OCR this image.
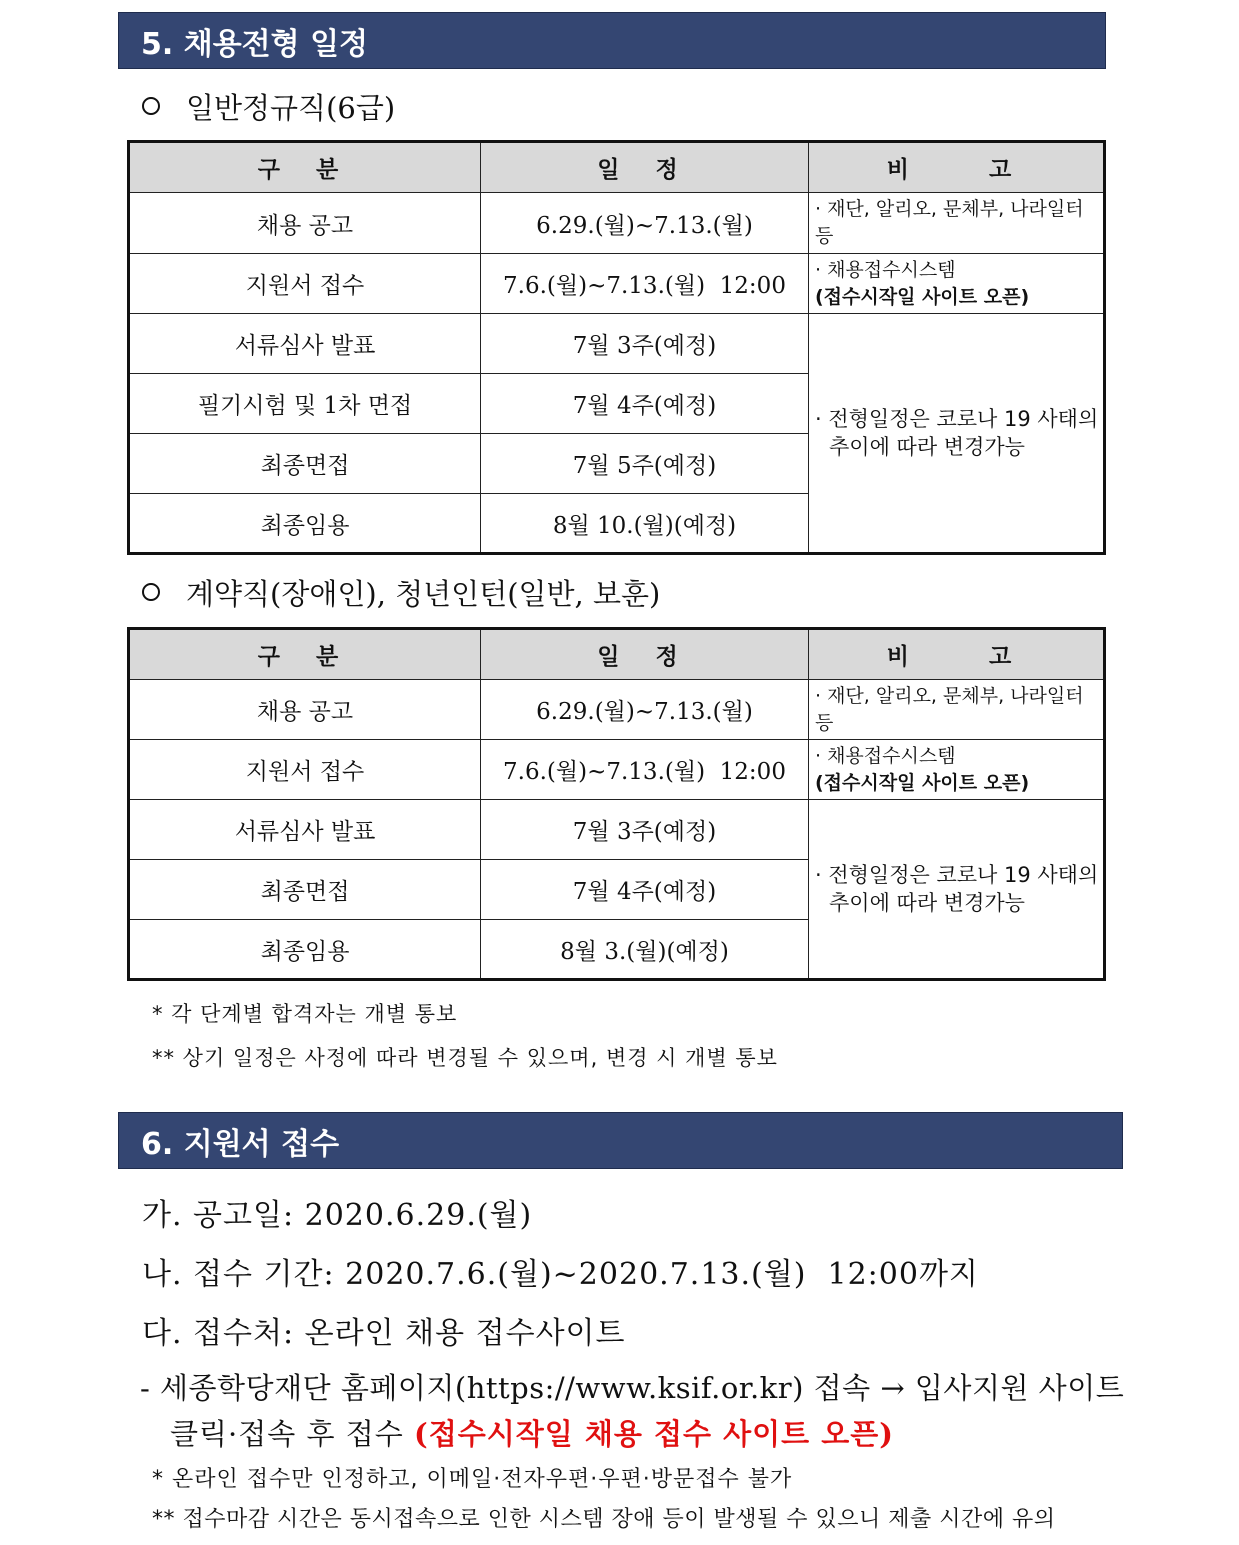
5. 채용전형 일정
일반정규직(6급)
구 분	일 정	비   고
채용 공고	6.29.(월)~7.13.(월)	· 재단, 알리오, 문체부, 나라일터 등
지원서 접수	7.6.(월)~7.13.(월)  12:00	· 채용접수시스템
(접수시작일 사이트 오픈)

서류심사 발표	7월 3주(예정)	· 전형일정은 코로나 19 사태의
추이에 따라 변경가능

필기시험 및 1차 면접	7월 4주(예정)	
최종면접	7월 5주(예정)	
최종임용	8월 10.(월)(예정)	
계약직(장애인), 청년인턴(일반, 보훈)
구 분	일 정	비   고
채용 공고	6.29.(월)~7.13.(월)	· 재단, 알리오, 문체부, 나라일터 등
지원서 접수	7.6.(월)~7.13.(월)  12:00	· 채용접수시스템
(접수시작일 사이트 오픈)

서류심사 발표	7월 3주(예정)	· 전형일정은 코로나 19 사태의
추이에 따라 변경가능

최종면접	7월 4주(예정)	
최종임용	8월 3.(월)(예정)	
* 각 단계별 합격자는 개별 통보
** 상기 일정은 사정에 따라 변경될 수 있으며, 변경 시 개별 통보
6. 지원서 접수
가. 공고일: 2020.6.29.(월)
나. 접수 기간: 2020.7.6.(월)~2020.7.13.(월)  12:00까지
다. 접수처: 온라인 채용 접수사이트
- 세종학당재단 홈페이지(https://www.ksif.or.kr) 접속 → 입사지원 사이트
클릭·접속 후 접수 (접수시작일 채용 접수 사이트 오픈)
* 온라인 접수만 인정하고, 이메일·전자우편·우편·방문접수 불가
** 접수마감 시간은 동시접속으로 인한 시스템 장애 등이 발생될 수 있으니 제출 시간에 유의
